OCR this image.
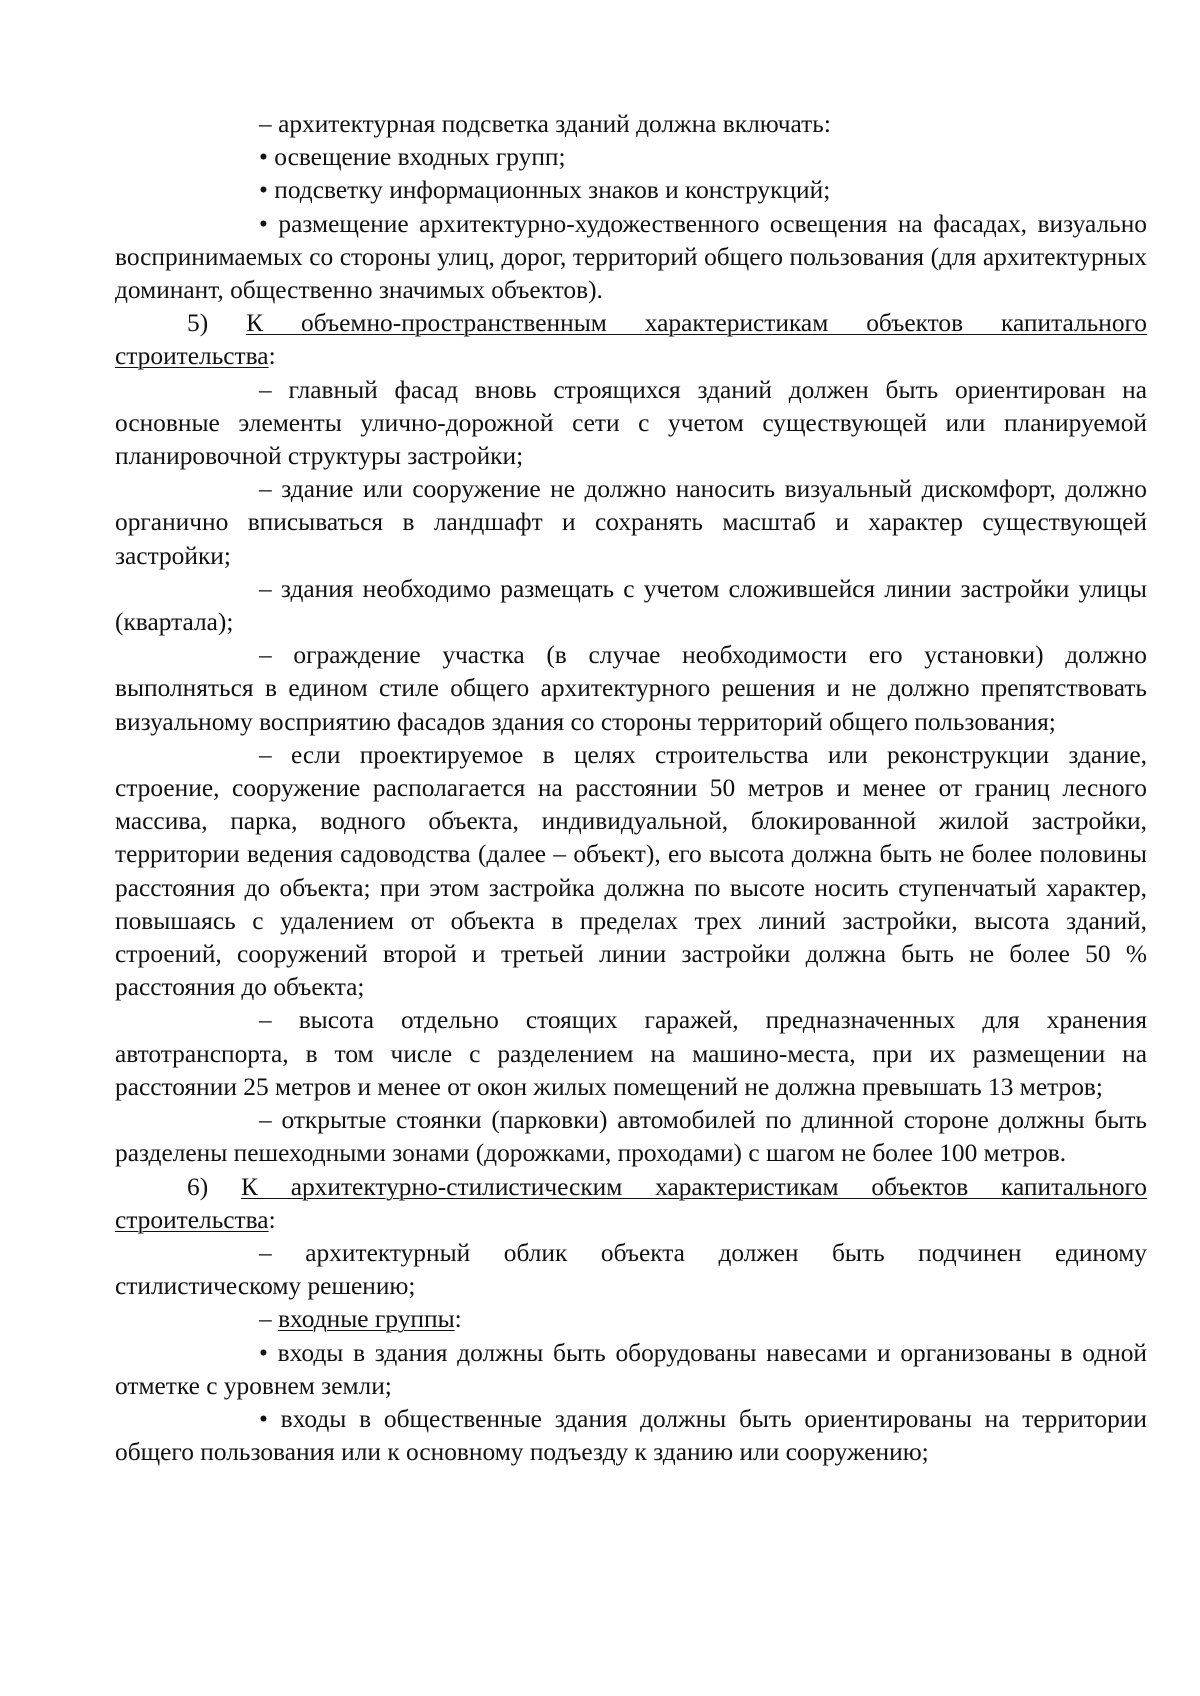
– архитектурная подсветка зданий должна включать:

• освещение входных групп;

• подсветку информационных знаков и конструкций;

• размещение архитектурно-художественного освещения на фасадах, визуально воспринимаемых со стороны улиц, дорог, территорий общего пользования (для архитектурных доминант, общественно значимых объектов).

5) К объемно-пространственным характеристикам объектов капитального строительства:

– главный фасад вновь строящихся зданий должен быть ориентирован на основные элементы улично-дорожной сети с учетом существующей или планируемой планировочной структуры застройки;

– здание или сооружение не должно наносить визуальный дискомфорт, должно органично вписываться в ландшафт и сохранять масштаб и характер существующей застройки;

– здания необходимо размещать с учетом сложившейся линии застройки улицы (квартала);

– ограждение участка (в случае необходимости его установки) должно выполняться в едином стиле общего архитектурного решения и не должно препятствовать визуальному восприятию фасадов здания со стороны территорий общего пользования;

– если проектируемое в целях строительства или реконструкции здание, строение, сооружение располагается на расстоянии 50 метров и менее от границ лесного массива, парка, водного объекта, индивидуальной, блокированной жилой застройки, территории ведения садоводства (далее – объект), его высота должна быть не более половины расстояния до объекта; при этом застройка должна по высоте носить ступенчатый характер, повышаясь с удалением от объекта в пределах трех линий застройки, высота зданий, строений, сооружений второй и третьей линии застройки должна быть не более 50 % расстояния до объекта;

– высота отдельно стоящих гаражей, предназначенных для хранения автотранспорта, в том числе с разделением на машино-места, при их размещении на расстоянии 25 метров и менее от окон жилых помещений не должна превышать 13 метров;

– открытые стоянки (парковки) автомобилей по длинной стороне должны быть разделены пешеходными зонами (дорожками, проходами) с шагом не более 100 метров.

6) К архитектурно-стилистическим характеристикам объектов капитального строительства:

– архитектурный облик объекта должен быть подчинен единому стилистическому решению;

– входные группы:

• входы в здания должны быть оборудованы навесами и организованы в одной отметке с уровнем земли;

• входы в общественные здания должны быть ориентированы на территории общего пользования или к основному подъезду к зданию или сооружению;
